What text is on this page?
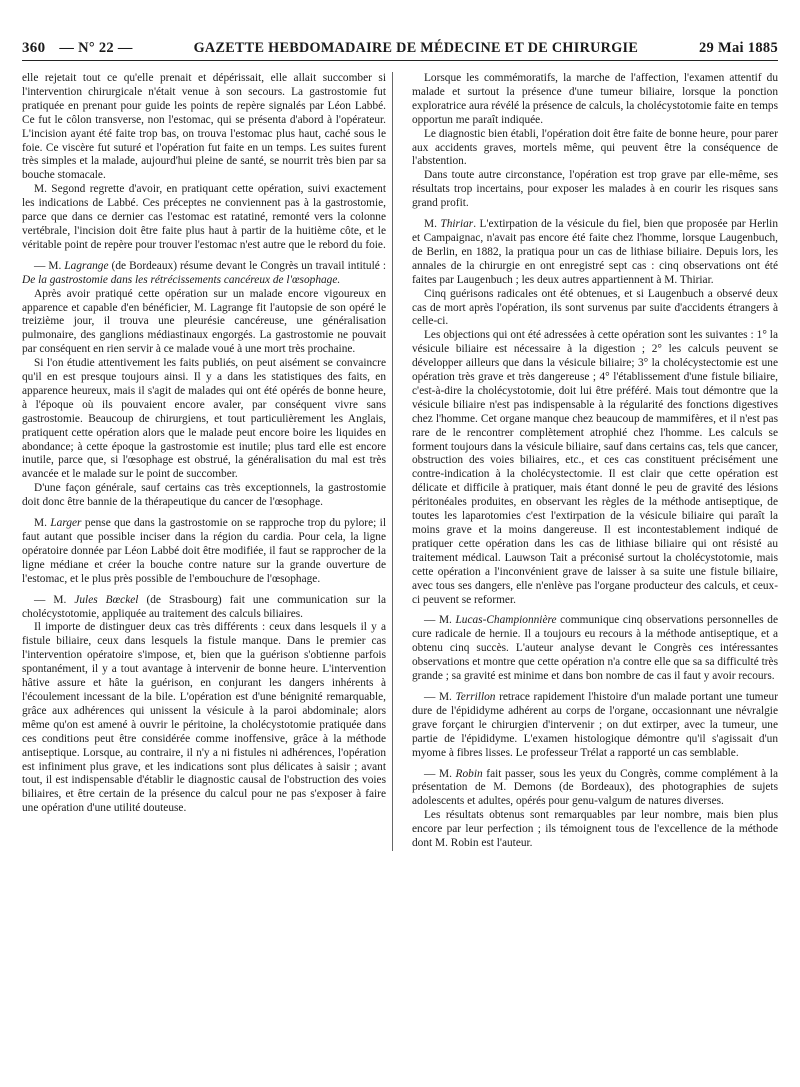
360 — N° 22 —	GAZETTE HEBDOMADAIRE DE MÉDECINE ET DE CHIRURGIE	29 Mai 1885

elle rejetait tout ce qu'elle prenait et dépérissait, elle allait succomber si l'intervention chirurgicale n'était venue à son secours. La gastrostomie fut pratiquée en prenant pour guide les points de repère signalés par Léon Labbé. Ce fut le côlon transverse, non l'estomac, qui se présenta d'abord à l'opérateur. L'incision ayant été faite trop bas, on trouva l'estomac plus haut, caché sous le foie. Ce viscère fut suturé et l'opération fut faite en un temps. Les suites furent très simples et la malade, aujourd'hui pleine de santé, se nourrit très bien par sa bouche stomacale.

M. Segond regrette d'avoir, en pratiquant cette opération, suivi exactement les indications de Labbé. Ces préceptes ne conviennent pas à la gastrostomie, parce que dans ce dernier cas l'estomac est ratatiné, remonté vers la colonne vertébrale, l'incision doit être faite plus haut à partir de la huitième côte, et le véritable point de repère pour trouver l'estomac n'est autre que le rebord du foie.

— M. Lagrange (de Bordeaux) résume devant le Congrès un travail intitulé : De la gastrostomie dans les rétrécissements cancéreux de l'œsophage.

Après avoir pratiqué cette opération sur un malade encore vigoureux en apparence et capable d'en bénéficier, M. Lagrange fit l'autopsie de son opéré le treizième jour, il trouva une pleurésie cancéreuse, une généralisation pulmonaire, des ganglions médiastinaux engorgés. La gastrostomie ne pouvait par conséquent en rien servir à ce malade voué à une mort très prochaine.

Si l'on étudie attentivement les faits publiés, on peut aisément se convaincre qu'il en est presque toujours ainsi. Il y a dans les statistiques des faits, en apparence heureux, mais il s'agit de malades qui ont été opérés de bonne heure, à l'époque où ils pouvaient encore avaler, par conséquent vivre sans gastrostomie. Beaucoup de chirurgiens, et tout particulièrement les Anglais, pratiquent cette opération alors que le malade peut encore boire les liquides en abondance; à cette époque la gastrostomie est inutile; plus tard elle est encore inutile, parce que, si l'œsophage est obstrué, la généralisation du mal est très avancée et le malade sur le point de succomber.

D'une façon générale, sauf certains cas très exceptionnels, la gastrostomie doit donc être bannie de la thérapeutique du cancer de l'œsophage.

M. Larger pense que dans la gastrostomie on se rapproche trop du pylore; il faut autant que possible inciser dans la région du cardia. Pour cela, la ligne opératoire donnée par Léon Labbé doit être modifiée, il faut se rapprocher de la ligne médiane et créer la bouche contre nature sur la grande ouverture de l'estomac, et le plus près possible de l'embouchure de l'œsophage.

— M. Jules Bœckel (de Strasbourg) fait une communication sur la cholécystotomie, appliquée au traitement des calculs biliaires.

Il importe de distinguer deux cas très différents : ceux dans lesquels il y a fistule biliaire, ceux dans lesquels la fistule manque. Dans le premier cas l'intervention opératoire s'impose, et, bien que la guérison s'obtienne parfois spontanément, il y a tout avantage à intervenir de bonne heure. L'intervention hâtive assure et hâte la guérison, en conjurant les dangers inhérents à l'écoulement incessant de la bile. L'opération est d'une bénignité remarquable, grâce aux adhérences qui unissent la vésicule à la paroi abdominale; alors même qu'on est amené à ouvrir le péritoine, la cholécystotomie pratiquée dans ces conditions peut être considérée comme inoffensive, grâce à la méthode antiseptique. Lorsque, au contraire, il n'y a ni fistules ni adhérences, l'opération est infiniment plus grave, et les indications sont plus délicates à saisir ; avant tout, il est indispensable d'établir le diagnostic causal de l'obstruction des voies biliaires, et être certain de la présence du calcul pour ne pas s'exposer à faire une opération d'une utilité douteuse.

Lorsque les commémoratifs, la marche de l'affection, l'examen attentif du malade et surtout la présence d'une tumeur biliaire, lorsque la ponction exploratrice aura révélé la présence de calculs, la cholécystotomie faite en temps opportun me paraît indiquée.

Le diagnostic bien établi, l'opération doit être faite de bonne heure, pour parer aux accidents graves, mortels même, qui peuvent être la conséquence de l'abstention.

Dans toute autre circonstance, l'opération est trop grave par elle-même, ses résultats trop incertains, pour exposer les malades à en courir les risques sans grand profit.

M. Thiriar. L'extirpation de la vésicule du fiel, bien que proposée par Herlin et Campaignac, n'avait pas encore été faite chez l'homme, lorsque Laugenbuch, de Berlin, en 1882, la pratiqua pour un cas de lithiase biliaire. Depuis lors, les annales de la chirurgie en ont enregistré sept cas : cinq observations ont été faites par Laugenbuch ; les deux autres appartiennent à M. Thiriar.

Cinq guérisons radicales ont été obtenues, et si Laugenbuch a observé deux cas de mort après l'opération, ils sont survenus par suite d'accidents étrangers à celle-ci.

Les objections qui ont été adressées à cette opération sont les suivantes : 1° la vésicule biliaire est nécessaire à la digestion ; 2° les calculs peuvent se développer ailleurs que dans la vésicule biliaire; 3° la cholécystectomie est une opération très grave et très dangereuse ; 4° l'établissement d'une fistule biliaire, c'est-à-dire la cholécystotomie, doit lui être préféré. Mais tout démontre que la vésicule biliaire n'est pas indispensable à la régularité des fonctions digestives chez l'homme. Cet organe manque chez beaucoup de mammifères, et il n'est pas rare de le rencontrer complètement atrophié chez l'homme. Les calculs se forment toujours dans la vésicule biliaire, sauf dans certains cas, tels que cancer, obstruction des voies biliaires, etc., et ces cas constituent précisément une contre-indication à la cholécystectomie. Il est clair que cette opération est délicate et difficile à pratiquer, mais étant donné le peu de gravité des lésions péritonéales produites, en observant les règles de la méthode antiseptique, de toutes les laparotomies c'est l'extirpation de la vésicule biliaire qui paraît la moins grave et la moins dangereuse. Il est incontestablement indiqué de pratiquer cette opération dans les cas de lithiase biliaire qui ont résisté au traitement médical. Lauwson Tait a préconisé surtout la cholécystotomie, mais cette opération a l'inconvénient grave de laisser à sa suite une fistule biliaire, avec tous ses dangers, elle n'enlève pas l'organe producteur des calculs, et ceux-ci peuvent se reformer.

— M. Lucas-Championnière communique cinq observations personnelles de cure radicale de hernie. Il a toujours eu recours à la méthode antiseptique, et a obtenu cinq succès. L'auteur analyse devant le Congrès ces intéressantes observations et montre que cette opération n'a contre elle que sa sa difficulté très grande ; sa gravité est minime et dans bon nombre de cas il faut y avoir recours.

— M. Terrillon retrace rapidement l'histoire d'un malade portant une tumeur dure de l'épididyme adhérent au corps de l'organe, occasionnant une névralgie grave forçant le chirurgien d'intervenir ; on dut extirper, avec la tumeur, une partie de l'épididyme. L'examen histologique démontre qu'il s'agissait d'un myome à fibres lisses. Le professeur Trélat a rapporté un cas semblable.

— M. Robin fait passer, sous les yeux du Congrès, comme complément à la présentation de M. Demons (de Bordeaux), des photographies de sujets adolescents et adultes, opérés pour genu-valgum de natures diverses.

Les résultats obtenus sont remarquables par leur nombre, mais bien plus encore par leur perfection ; ils témoignent tous de l'excellence de la méthode dont M. Robin est l'auteur.
